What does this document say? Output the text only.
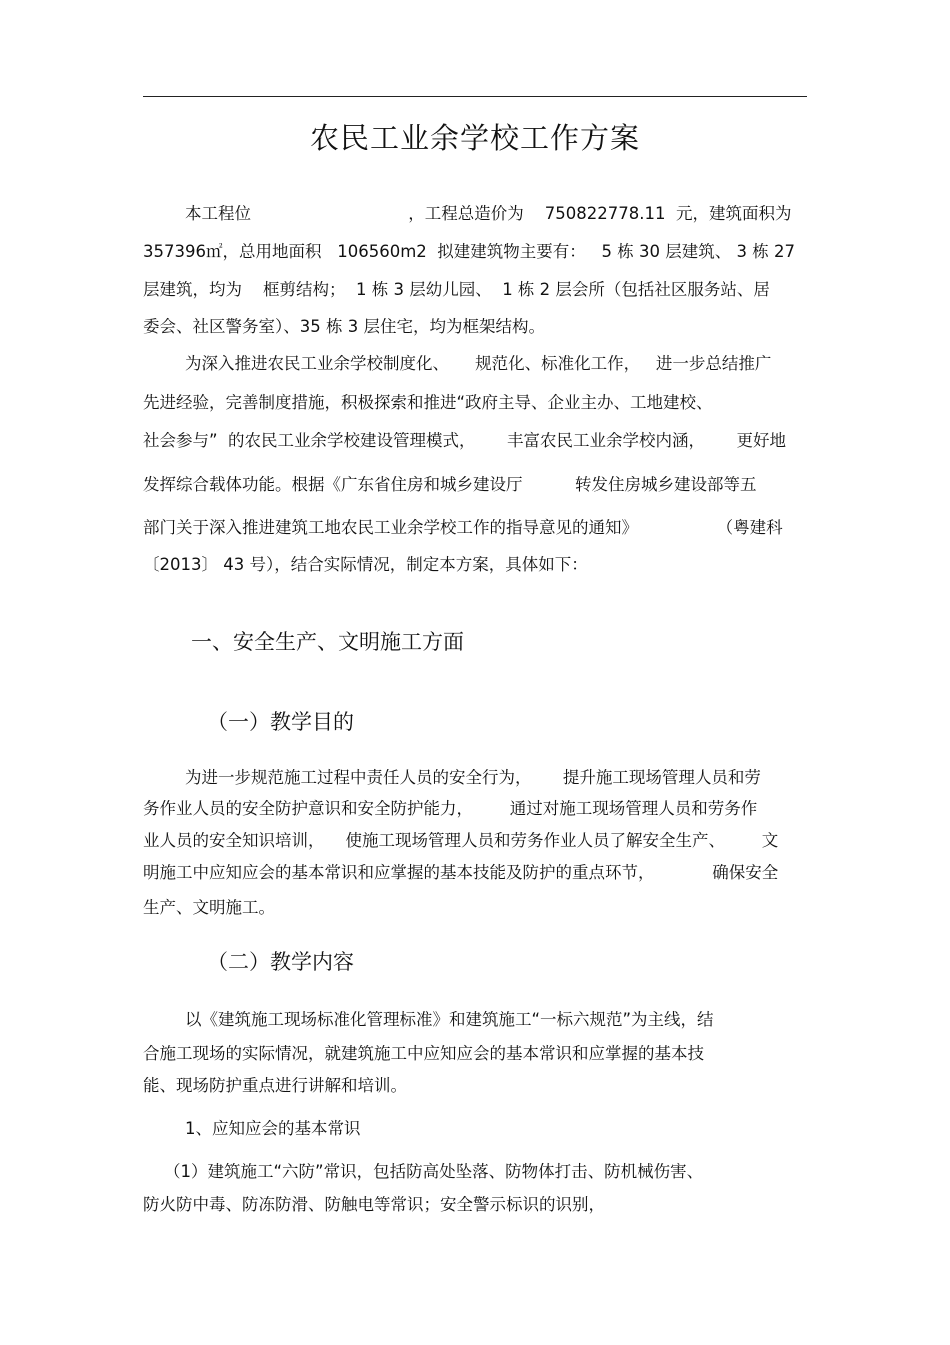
农民工业余学校工作方案
本工程位                              ，工程总造价为    750822778.11  元，建筑面积为
357396㎡，总用地面积   106560m2  拟建建筑物主要有：   5 栋 30 层建筑、 3 栋 27
层建筑，均为    框剪结构；  1 栋 3 层幼儿园、  1 栋 2 层会所（包括社区服务站、居
委会、社区警务室）、35 栋 3 层住宅，均为框架结构。
为深入推进农民工业余学校制度化、     规范化、标准化工作，   进一步总结推广
先进经验，完善制度措施，积极探索和推进“政府主导、企业主办、工地建校、
社会参与”  的农民工业余学校建设管理模式，      丰富农民工业余学校内涵，      更好地
发挥综合载体功能。根据《广东省住房和城乡建设厅          转发住房城乡建设部等五
部门关于深入推进建筑工地农民工业余学校工作的指导意见的通知》               （粤建科
〔2013〕 43 号），结合实际情况，制定本方案，具体如下：
一、安全生产、文明施工方面
（一）教学目的
为进一步规范施工过程中责任人员的安全行为，      提升施工现场管理人员和劳
务作业人员的安全防护意识和安全防护能力，       通过对施工现场管理人员和劳务作
业人员的安全知识培训，    使施工现场管理人员和劳务作业人员了解安全生产、       文
明施工中应知应会的基本常识和应掌握的基本技能及防护的重点环节，           确保安全
生产、文明施工。
（二）教学内容
以《建筑施工现场标准化管理标准》和建筑施工“一标六规范”为主线，结
合施工现场的实际情况，就建筑施工中应知应会的基本常识和应掌握的基本技
能、现场防护重点进行讲解和培训。
1、应知应会的基本常识
（1）建筑施工“六防”常识，包括防高处坠落、防物体打击、防机械伤害、
防火防中毒、防冻防滑、防触电等常识；安全警示标识的识别，
